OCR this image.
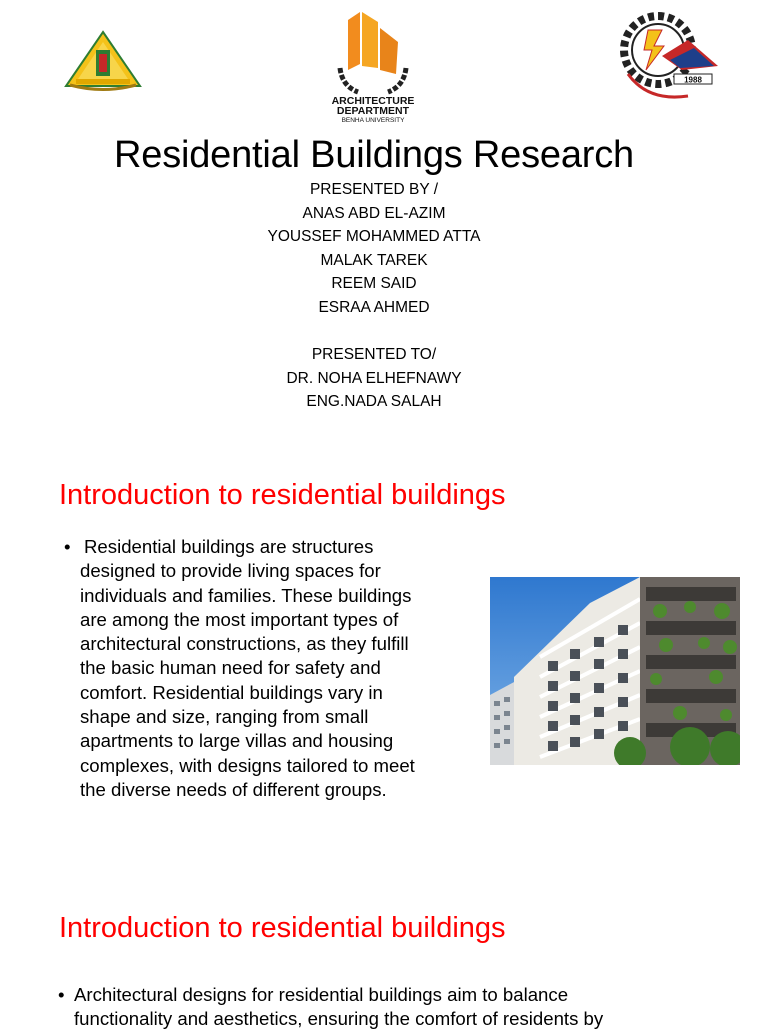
ARCHITECTURE
DEPARTMENT
BENHA UNIVERSITY
1988
Residential Buildings Research
PRESENTED BY /
ANAS ABD EL-AZIM
YOUSSEF MOHAMMED ATTA
MALAK TAREK
REEM SAID
ESRAA AHMED
PRESENTED TO/
DR. NOHA ELHEFNAWY
ENG.NADA SALAH
Introduction to residential buildings
• Residential buildings are structures
designed to provide living spaces for
individuals and families. These buildings
are among the most important types of
architectural constructions, as they fulfill
the basic human need for safety and
comfort. Residential buildings vary in
shape and size, ranging from small
apartments to large villas and housing
complexes, with designs tailored to meet
the diverse needs of different groups.
Introduction to residential buildings
• Architectural designs for residential buildings aim to balance
functionality and aesthetics, ensuring the comfort of residents by
